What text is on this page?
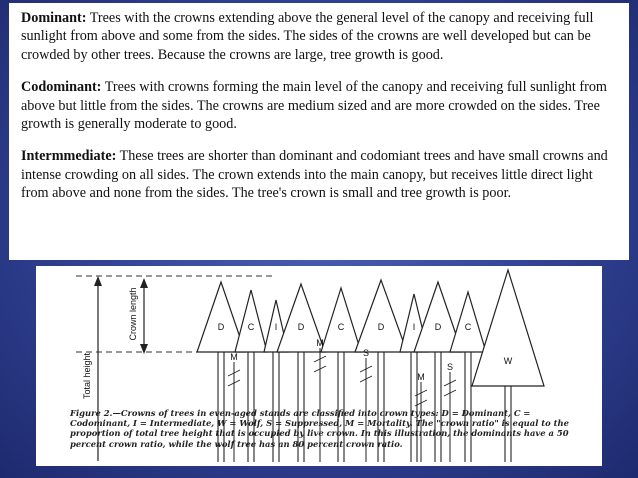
Dominant: Trees with the crowns extending above the general level of the canopy and receiving full sunlight from above and some from the sides. The sides of the crowns are well developed but can be crowded by other trees. Because the crowns are large, tree growth is good.

Codominant: Trees with crowns forming the main level of the canopy and receiving full sunlight from above but little from the sides. The crowns are medium sized and are more crowded on the sides. Tree growth is generally moderate to good.

Intermmediate: These trees are shorter than dominant and codomiant trees and have small crowns and intense crowding on all sides. The crown extends into the main canopy, but receives little direct light from above and none from the sides. The tree's crown is small and tree growth is poor.

Total height
Crown length	D	C I D	C	D	I D	C
W
M
M
S
M
S
Figure 2.—Crowns of trees in even-aged stands are classified into crown types: D = Dominant, C = Codominant, I = Intermediate, W = Wolf, S = Suppressed, M = Mortality. The "crown ratio" is equal to the proportion of total tree height that is occupied by live crown. In this illustration, the dominants have a 50 percent crown ratio, while the wolf tree has an 80 percent crown ratio.
